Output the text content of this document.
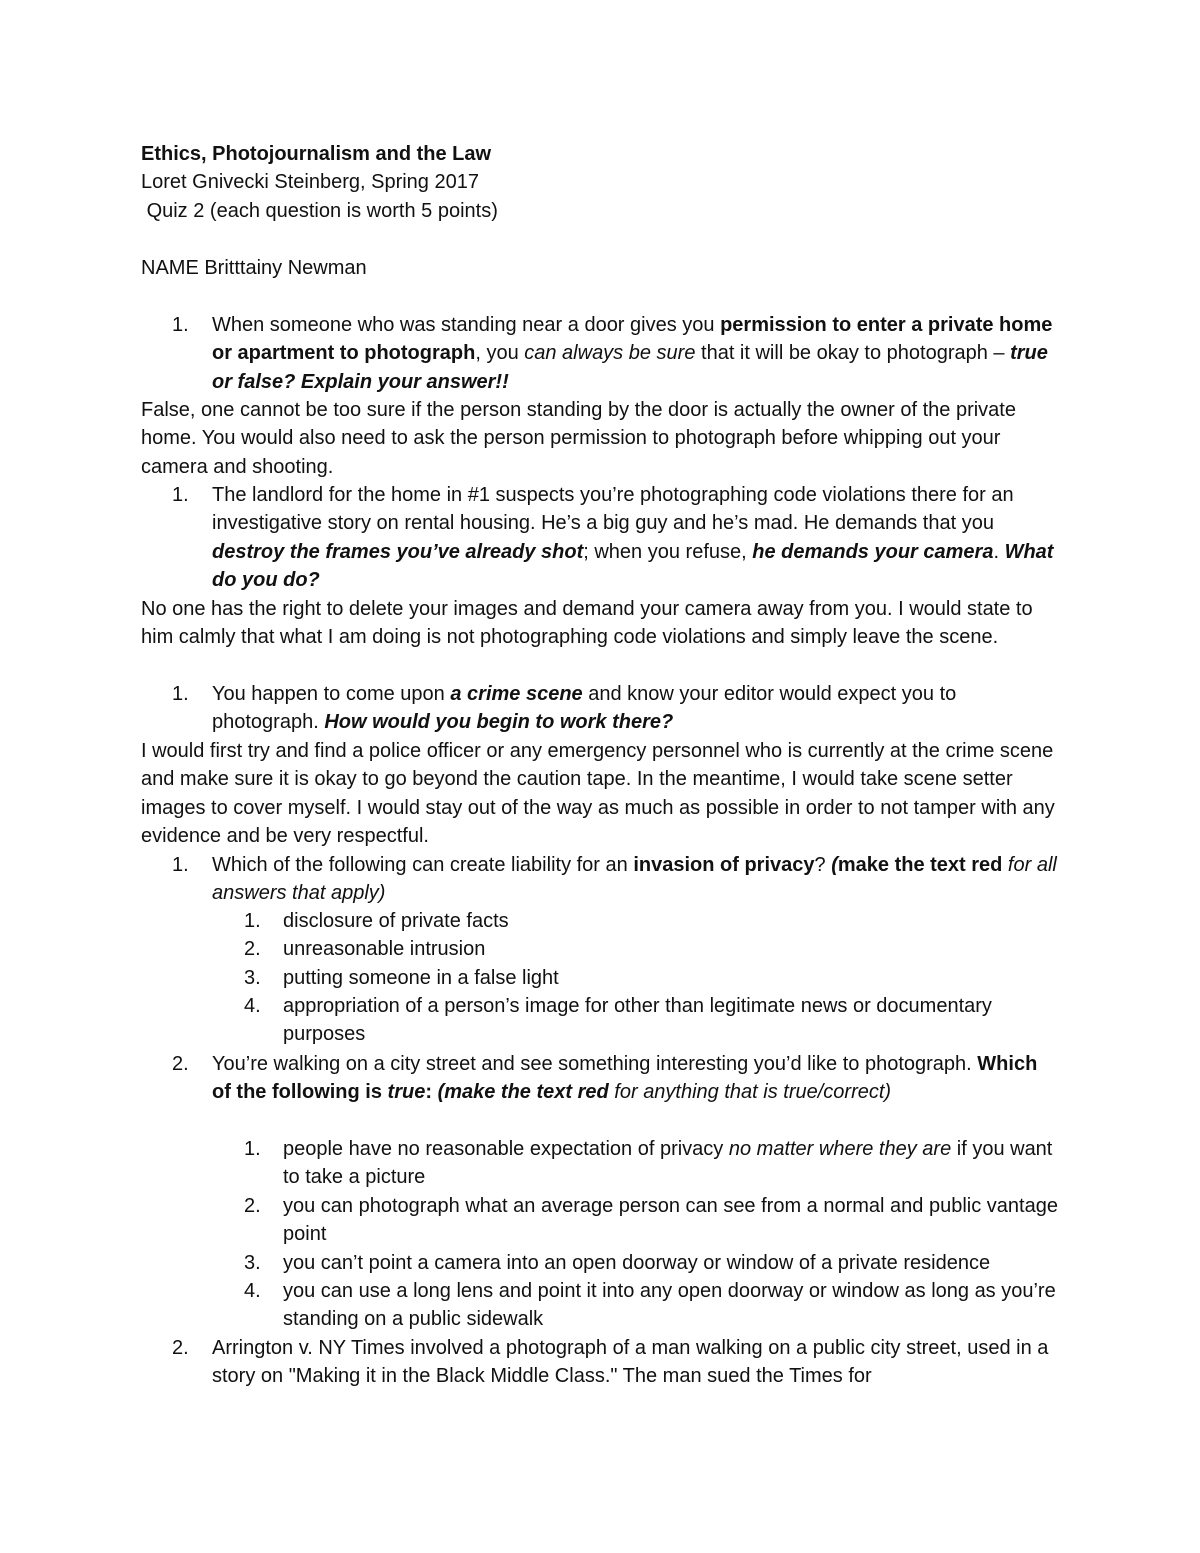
Ethics, Photojournalism and the Law

Loret Gnivecki Steinberg, Spring 2017

Quiz 2 (each question is worth 5 points)

NAME Britttainy Newman

1.	When someone who was standing near a door gives you permission to enter a private home or apartment to photograph, you can always be sure that it will be okay to photograph – true or false? Explain your answer!!
False, one cannot be too sure if the person standing by the door is actually the owner of the private home. You would also need to ask the person permission to photograph before whipping out your camera and shooting.
1.	The landlord for the home in #1 suspects you’re photographing code violations there for an investigative story on rental housing. He’s a big guy and he’s mad. He demands that you destroy the frames you’ve already shot; when you refuse, he demands your camera. What do you do?
No one has the right to delete your images and demand your camera away from you. I would state to him calmly that what I am doing is not photographing code violations and simply leave the scene.
1.	You happen to come upon a crime scene and know your editor would expect you to photograph. How would you begin to work there?
I would first try and find a police officer or any emergency personnel who is currently at the crime scene and make sure it is okay to go beyond the caution tape. In the meantime, I would take scene setter images to cover myself. I would stay out of the way as much as possible in order to not tamper with any evidence and be very respectful.
1.	Which of the following can create liability for an invasion of privacy? (make the text red for all answers that apply)
1.	disclosure of private facts
2.	unreasonable intrusion
3.	putting someone in a false light
4.	appropriation of a person’s image for other than legitimate news or documentary purposes
2.	You’re walking on a city street and see something interesting you’d like to photograph. Which of the following is true: (make the text red for anything that is true/correct)
1.	people have no reasonable expectation of privacy no matter where they are if you want to take a picture
2.	you can photograph what an average person can see from a normal and public vantage point
3.	you can’t point a camera into an open doorway or window of a private residence
4.	you can use a long lens and point it into any open doorway or window as long as you’re standing on a public sidewalk
2.	Arrington v. NY Times involved a photograph of a man walking on a public city street, used in a story on "Making it in the Black Middle Class." The man sued the Times for
